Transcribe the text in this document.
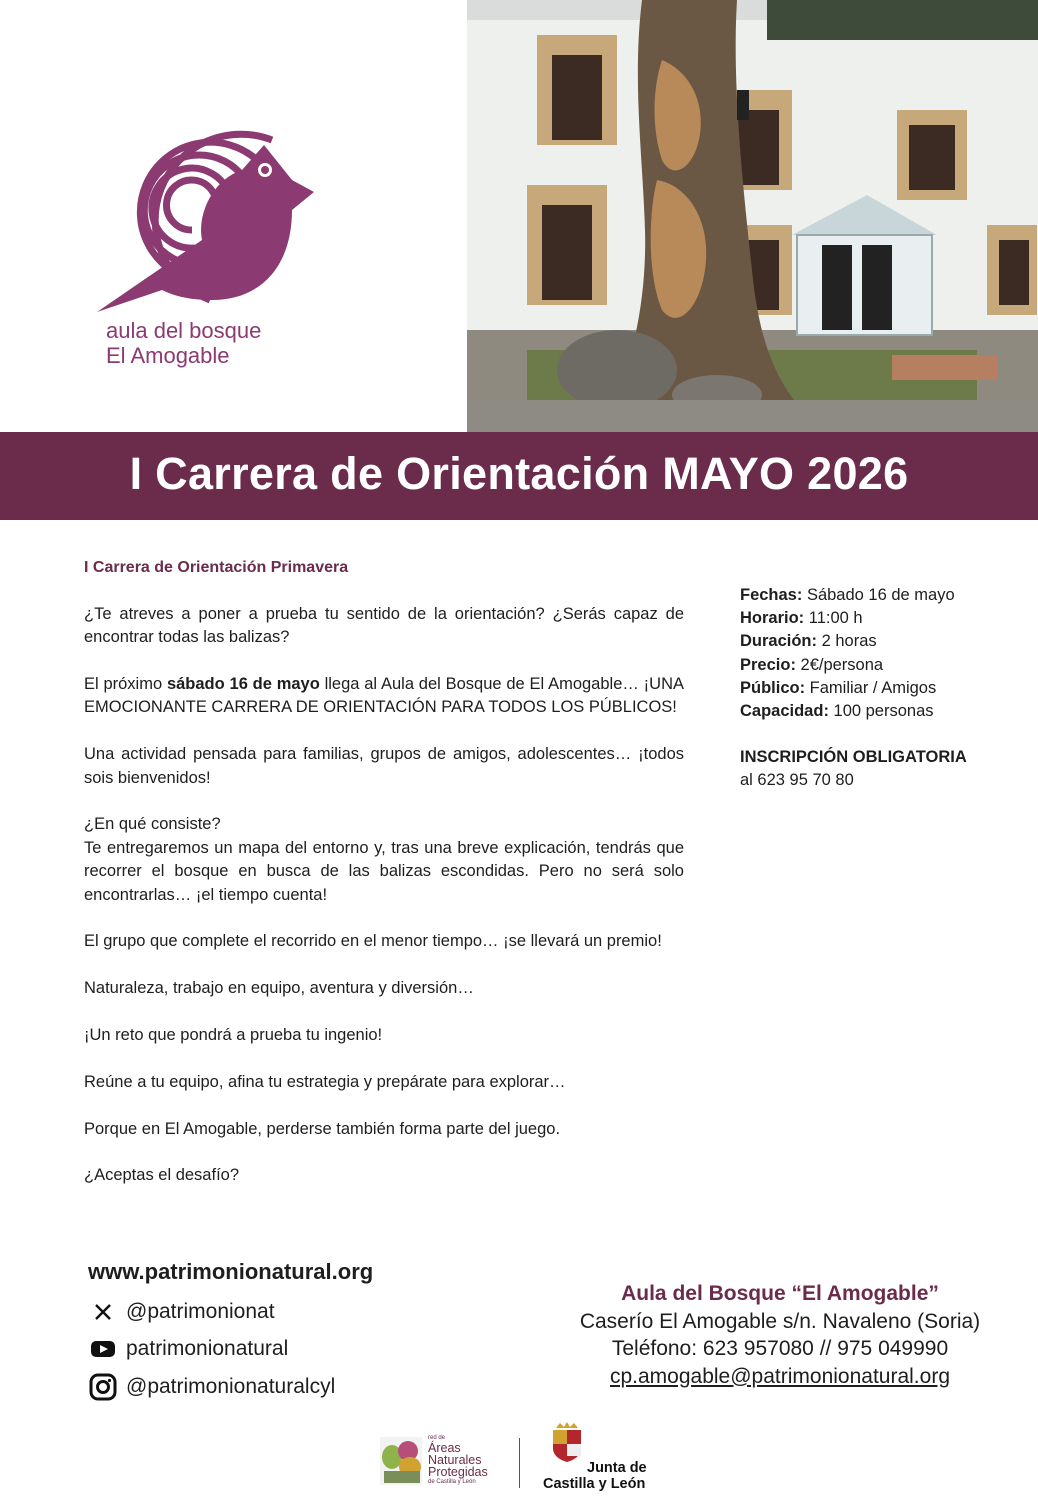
aula del bosque
El Amogable
I Carrera de Orientación MAYO 2026
I Carrera de Orientación Primavera

¿Te atreves a poner a prueba tu sentido de la orientación? ¿Serás capaz de encontrar todas las balizas?

El próximo sábado 16 de mayo llega al Aula del Bosque de El Amogable… ¡UNA EMOCIONANTE CARRERA DE ORIENTACIÓN PARA TODOS LOS PÚBLICOS!

Una actividad pensada para familias, grupos de amigos, adolescentes… ¡todos sois bienvenidos!

¿En qué consiste?
Te entregaremos un mapa del entorno y, tras una breve explicación, tendrás que recorrer el bosque en busca de las balizas escondidas. Pero no será solo encontrarlas… ¡el tiempo cuenta!

El grupo que complete el recorrido en el menor tiempo… ¡se llevará un premio!

Naturaleza, trabajo en equipo, aventura y diversión…

¡Un reto que pondrá a prueba tu ingenio!

Reúne a tu equipo, afina tu estrategia y prepárate para explorar…

Porque en El Amogable, perderse también forma parte del juego.

¿Aceptas el desafío?

Fechas: Sábado 16 de mayo
Horario: 11:00 h
Duración: 2 horas
Precio: 2€/persona
Público: Familiar / Amigos
Capacidad: 100 personas
INSCRIPCIÓN OBLIGATORIA
al 623 95 70 80
www.patrimonionatural.org
@patrimonionat
patrimonionatural
@patrimonionaturalcyl
Aula del Bosque “El Amogable”
Caserío El Amogable s/n. Navaleno (Soria)
Teléfono: 623 957080 // 975 049990
cp.amogable@patrimonionatural.org
red de
Áreas
Naturales
Protegidas
de Castilla y León
Junta de
Castilla y León
